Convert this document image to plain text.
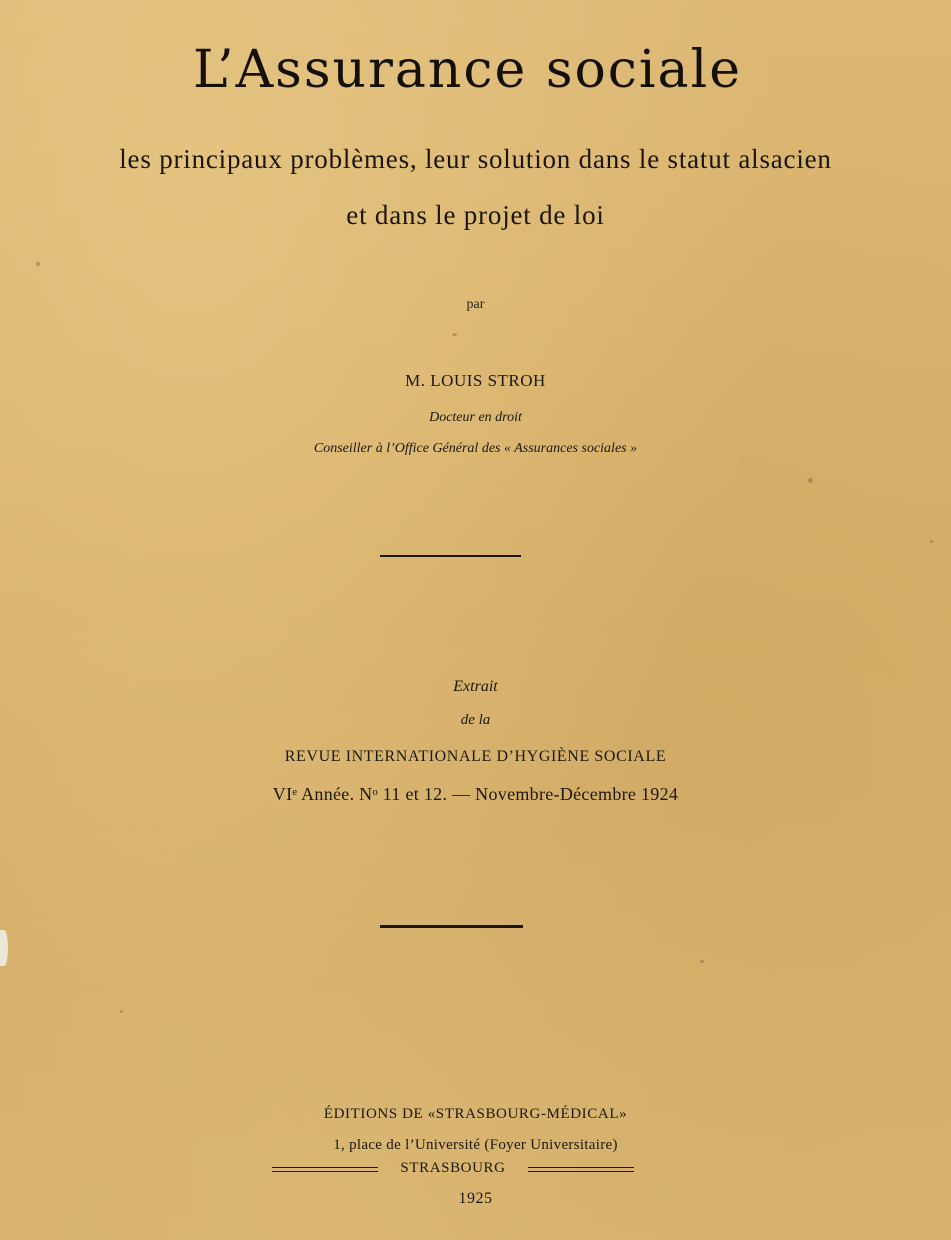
L’Assurance sociale
les principaux problèmes, leur solution dans le statut alsacien
et dans le projet de loi
par
M. LOUIS STROH
Docteur en droit
Conseiller à l’Office Général des « Assurances sociales »
Extrait
de la
REVUE INTERNATIONALE D’HYGIÈNE SOCIALE
VIᵉ Année. Nᵒ 11 et 12. — Novembre-Décembre 1924
ÉDITIONS DE «STRASBOURG-MÉDICAL»
1, place de l’Université (Foyer Universitaire)
STRASBOURG
1925
